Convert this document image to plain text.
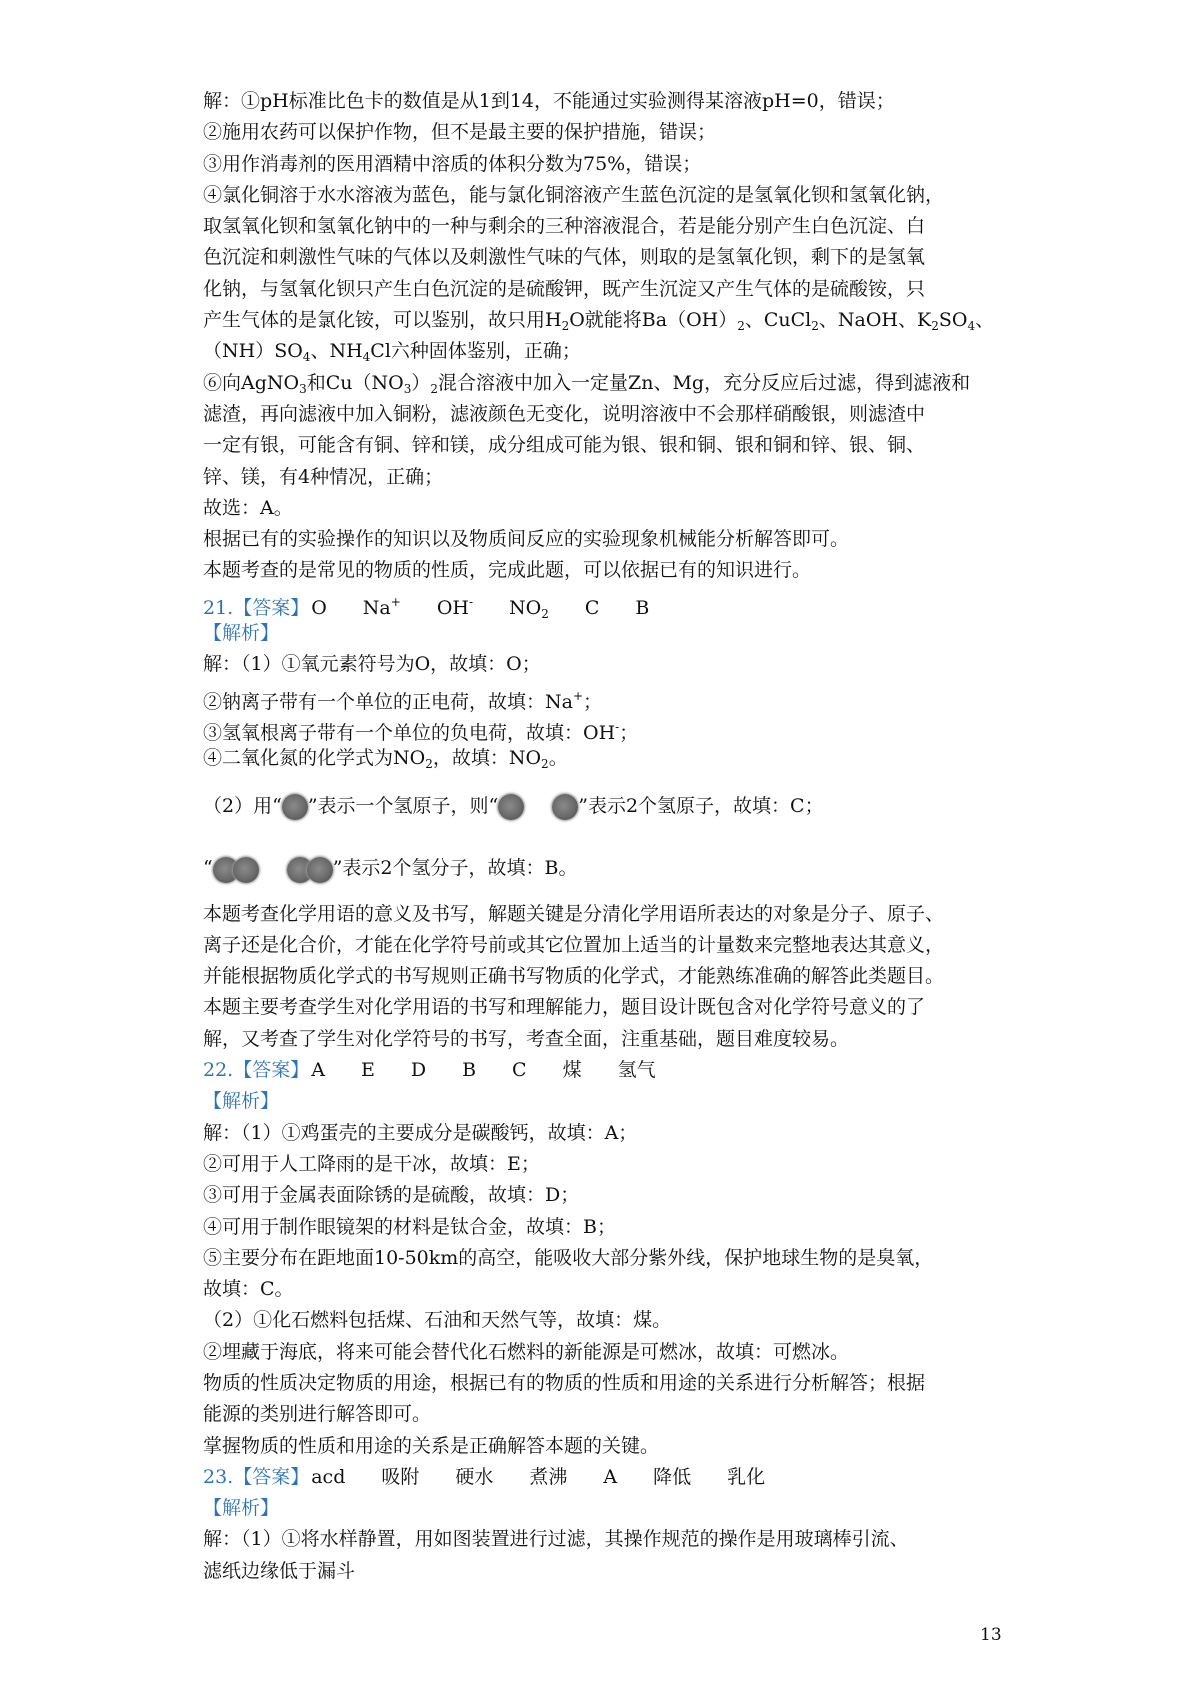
解：①pH标准比色卡的数值是从1到14，不能通过实验测得某溶液pH=0，错误；
②施用农药可以保护作物，但不是最主要的保护措施，错误；
③用作消毒剂的医用酒精中溶质的体积分数为75%，错误；
④氯化铜溶于水水溶液为蓝色，能与氯化铜溶液产生蓝色沉淀的是氢氧化钡和氢氧化钠，
取氢氧化钡和氢氧化钠中的一种与剩余的三种溶液混合，若是能分别产生白色沉淀、白
色沉淀和刺激性气味的气体以及刺激性气味的气体，则取的是氢氧化钡，剩下的是氢氧
化钠，与氢氧化钡只产生白色沉淀的是硫酸钾，既产生沉淀又产生气体的是硫酸铵，只
产生气体的是氯化铵，可以鉴别，故只用$H_2O$就能将$Ba(OH)_2$、CuCl$_2$、NaOH、$K_2SO_4$、
$(NH)SO_4$、$NH_4Cl$六种固体鉴别，正确；
⑥向AgNO$_3$和$Cu(NO_3)_2$混合溶液中加入一定量Zn、Mg，充分反应后过滤，得到滤液和
滤渣，再向滤液中加入铜粉，滤液颜色无变化，说明溶液中不会那样硝酸银，则滤渣中
一定有银，可能含有铜、锌和镁，成分组成可能为银、银和铜、银和铜和锌、银、铜、
锌、镁，有4种情况，正确；
故选：A。
根据已有的实验操作的知识以及物质间反应的实验现象机械能分析解答即可。
本题考查的是常见的物质的性质，完成此题，可以依据已有的知识进行。
21.【答案】 O Na+ OH- $NO_2$ C B
【解析】
解：（1）①氧元素符号为O，故填：O；
②钠离子带有一个单位的正电荷，故填：Na+；
③氢氧根离子带有一个单位的负电荷，故填：OH-；
④二氧化氮的化学式为$NO_2$，故填：$NO_2$。
（2）用“ ”表示一个氢原子，则“	”表示2个氢原子，故填：C；
“	”表示2个氢分子，故填：B。
本题考查化学用语的意义及书写，解题关键是分清化学用语所表达的对象是分子、原子、
离子还是化合价，才能在化学符号前或其它位置加上适当的计量数来完整地表达其意义，
并能根据物质化学式的书写规则正确书写物质的化学式，才能熟练准确的解答此类题目。
本题主要考查学生对化学用语的书写和理解能力，题目设计既包含对化学符号意义的了
解，又考查了学生对化学符号的书写，考查全面，注重基础，题目难度较易。
22.【答案】 A E D B C 煤 氢气
【解析】
解：（1）①鸡蛋壳的主要成分是碳酸钙，故填：A；
②可用于人工降雨的是干冰，故填：E；
③可用于金属表面除锈的是硫酸，故填：D；
④可用于制作眼镜架的材料是钛合金，故填：B；
⑤主要分布在距地面10-50km的高空，能吸收大部分紫外线，保护地球生物的是臭氧，
故填：C。
（2）①化石燃料包括煤、石油和天然气等，故填：煤。
②埋藏于海底，将来可能会替代化石燃料的新能源是可燃冰，故填：可燃冰。
物质的性质决定物质的用途，根据已有的物质的性质和用途的关系进行分析解答；根据
能源的类别进行解答即可。
掌握物质的性质和用途的关系是正确解答本题的关键。
23.【答案】 acd 吸附 硬水 煮沸 A 降低 乳化
【解析】
解：（1）①将水样静置，用如图装置进行过滤，其操作规范的操作是用玻璃棒引流、
滤纸边缘低于漏斗
13
